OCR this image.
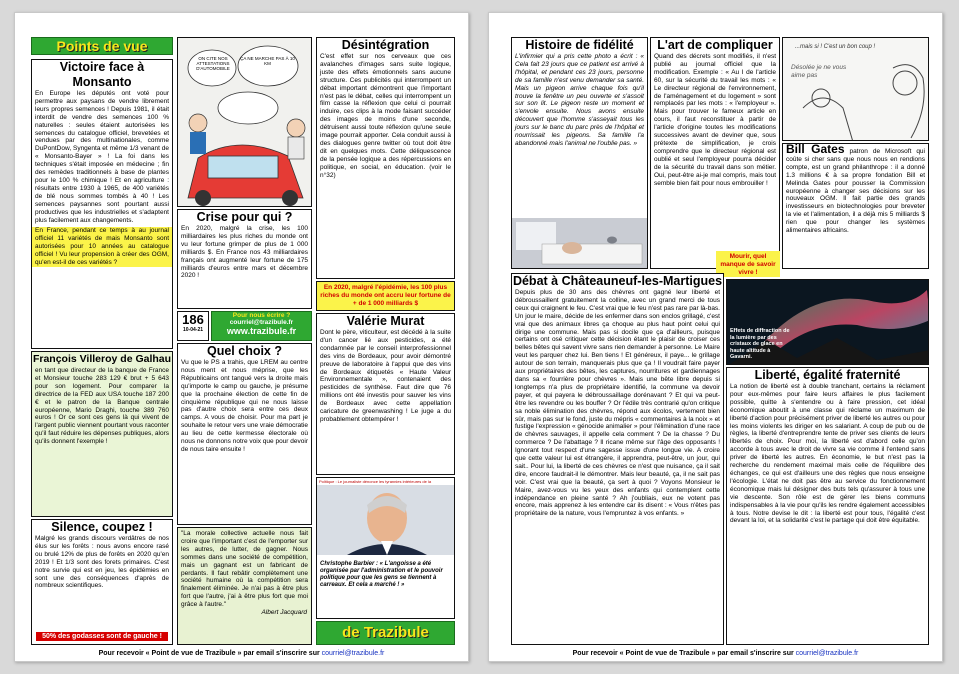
Points de vue
Victoire face à Monsanto
En Europe les députés ont voté pour permettre aux paysans de vendre librement leurs propres semences ! Depuis 1981, il était interdit de vendre des semences 100 % naturelles : seules étaient autorisées les semences du catalogue officiel, brevetées et vendues par des multinationales, comme DuPontDow, Syngenta et même 1/3 venant de « Monsanto-Bayer » ! La foi dans les techniques s'était imposée en médecine ; fin des remèdes traditionnels à base de plantes pour le 100 % chimique ! Et en agriculture : résultats entre 1930 à 1965, de 400 variétés de blé nous sommes tombés à 40 ! Les semences paysannes sont pourtant aussi productives que les industrielles et s'adaptent plus facilement aux changements.
En France, pendant ce temps à au journal officiel 11 variétés de mais Monsanto sont autorisées pour 10 années au catalogue officiel ! Vu leur propension à créer des OGM, qu'en est-il de ces variétés ?
François Villeroy de Galhau
en tant que directeur de la banque de France et Monsieur touche 283 129 € brut + 5 643 pour son logement. Pour comparer la directrice de la FED aux USA touche 187 200 € et le patron de la Banque centrale européenne, Mario Draghi, touche 389 760 euros ! Or ce sont ces gens là qui vivent de l'argent public viennent pourtant vous raconter qu'il faut réduire les dépenses publiques, alors qu'ils donnent l'exemple !
Silence, coupez !
Malgré les grands discours verdâtres de nos élus sur les forêts : nous avons encore rasé ou brulé 12% de plus de forêts en 2020 qu'en 2019 ! Et 1/3 sont des forets primaires. C'est notre survie qui est en jeu, les épidémies en sont une des conséquences d'après de nombreux scientifiques.
50% des godasses sont de gauche !
ON CITE NOS ATTESTATIONS D'AUTOMOBILE
ÇA NE MARCHE PAS À 10 KM
Crise pour qui ?
En 2020, malgré la crise, les 100 milliardaires les plus riches du monde ont vu leur fortune grimper de plus de 1 000 milliards $. En France nos 43 milliardaires français ont augmenté leur fortune de 175 milliards d'euros entre mars et décembre 2020 !
186
10-04-21
Pour nous écrire ?
courriel@trazibule.fr
www.trazibule.fr
Quel choix ?
Vu que le PS a trahis, que LREM au centre nous ment et nous méprise, que les Républicains ont tangué vers la droite mais qu'importe le camp ou gauche, je présume que la prochaine élection de cette fin de cinquième république qui ne nous laisse pas d'autre choix sera entre ces deux camps. A vous de choisir. Pour ma part je souhaite le retour vers une vraie démocratie au lieu de cette kermesse électorale où nous ne donnons notre voix que pour devoir de nous taire ensuite !
"La morale collective actuelle nous fait croire que l'important c'est de l'emporter sur les autres, de lutter, de gagner. Nous sommes dans une société de compétition, mais un gagnant est un fabricant de perdants. Il faut rebâtir complètement une société humaine où la compétition sera finalement éliminée. Je n'ai pas à être plus fort que l'autre, j'ai à être plus fort que moi grâce à l'autre."
Albert Jacquard
Désintégration
C'est effet sur nos cerveaux que ces avalanches d'images sans suite logique, juste des effets émotionnels sans aucune structure. Ces publicités qui interrompent un débat important démontrent que l'important n'est pas le débat, celles qui interrompent un film casse la réflexion que celui ci pourrait induire, ces clips à la mode faisant succéder des images de moins d'une seconde, détruisent aussi toute réflexion qu'une seule image pourrait apporter. Cela conduit aussi à des dialogues genre twitter où tout doit être dit en quelques mots. Cette déliquescence de la pensée logique a des répercussions en politique, en social, en éducation. (voir le n°32)
En 2020, malgré l'épidémie, les 100 plus riches du monde ont accru leur fortune de + de 1 000 milliards $
Valérie Murat
Dont le père, viticulteur, est décédé à la suite d'un cancer lié aux pesticides, a été condamnée par le conseil interprofessionnel des vins de Bordeaux, pour avoir démontré preuve de laboratoire à l'appui que des vins de Bordeaux étiquetés « Haute Valeur Environnementale », contenaient des pesticides de synthèse. Faut dire que 76 millions ont été investis pour sauver les vins de Bordeaux avec cette appellation caricature de greenwashing ! Le juge a du probablement obtempérer !
Politique : Le journaliste dénonce les tyrannies intérieures de la
Christophe Barbier : « L'angoisse a été organisée par l'administration et le pouvoir politique pour que les gens se tiennent à carreaux. Et cela a marché ! »
de Trazibule
Pour recevoir « Point de vue de Trazibule » par email s'inscrire sur courriel@trazibule.fr
Histoire de fidélité
L'infirmier qui a pris cette photo a écrit : « Cela fait 23 jours que ce patient est arrivé à l'hôpital, et pendant ces 23 jours, personne de sa famille n'est venu demander sa santé. Mais un pigeon arrive chaque fois qu'il trouve la fenêtre un peu ouverte et s'assoit sur son lit. Le pigeon reste un moment et s'envole ensuite. Nous avons ensuite découvert que l'homme s'asseyait tous les jours sur le banc du parc près de l'hôpital et nourrissait les pigeons. Sa famille l'a abandonné mais l'animal ne l'oublie pas. »
L'art de compliquer
Quand des décrets sont modifiés, il n'est publié au journal officiel que la modification. Exemple : « Au I de l'article 60, sur la sécurité du travail les mots : « Le directeur régional de l'environnement, de l'aménagement et du logement » sont remplacés par les mots : « l'employeur ». Mais pour trouver le fameux article en cours, il faut reconstituer à partir de l'article d'origine toutes les modifications successives avant de deviner que, sous prétexte de simplification, je crois comprendre que le directeur régional est oublié et seul l'employeur pourra décider de la sécurité du travail dans son métier. Oui, peut-être ai-je mal compris, mais tout semble bien fait pour nous embrouiller !
...mais si ! C'est un bon coup !
Désolée je ne vous aime pas
Bill Gates patron de Microsoft qui coûte si cher sans que nous nous en rendions compte, est un grand philanthrope : il a donné 1.3 millions € à sa propre fondation Bill et Melinda Gates pour pousser la Commission européenne à changer ses décisions sur les nouveaux OGM. Il fait partie des grands investisseurs en biotechnologies pour breveter la vie et l'alimentation, il a déjà mis 5 milliards $ rien que pour changer les systèmes alimentaires africains.
Mourir, quel manque de savoir vivre !
Débat à Châteauneuf-les-Martigues
Depuis plus de 30 ans des chèvres ont gagné leur liberté et débroussaillent gratuitement la colline, avec un grand merci de tous ceux qui craignent le feu. C'est vrai que le feu n'est pas rare par là-bas. Un jour le maire, décide de les enfermer dans son enclos grillagé, c'est vrai que des animaux libres ça choque au plus haut point celui qui dirige une commune. Mais pas si docile que ça d'ailleurs, puisque certains ont osé critiquer cette décision étant le plaisir de croiser ces belles bêtes qui savent vivre sans rien demander à personne. Le Maire veut les parquer chez lui. Ben tiens ! Et généreux, il paye... le grillage autour de son terrain, manquerais plus que ça ! Il voudrait faire payer aux propriétaires des bêtes, les captures, nourritures et gardiennages dans sa « fourrière pour chèvres ». Mais une bête libre depuis si longtemps n'a plus de propriétaire identifié, la commune va devoir payer, et qui payera le débroussaillage dorénavant ? Et qui va peut-être les revendre ou les bouffer ? Or l'édile très contrarié qu'on critique sa noble élimination des chèvres, répond aux écolos, vertement bien sûr, mais pas sur le fond, juste du mépris « commentaires à la noix » et fustige l'expression « génocide animalier » pour l'élimination d'une race de chèvres sauvages, il appelle cela comment ? De la chasse ? Du commerce ? De l'abattage ? Il ricane même sur l'âge des opposants ! Ignorant tout respect d'une sagesse issue d'une longue vie. A croire que cette valeur lui est étrangère, il apprendra, peut-être, un jour, qui sait.. Pour lui, la liberté de ces chèvres ce n'est que nuisance, ça il sait dire, encore faudrait-il le démontrer. Mais leur beauté, ça, il ne sait pas voir. C'est vrai que la beauté, ça sert à quoi ? Voyons Monsieur le Maire, avez-vous vu les yeux des enfants qui contemplent cette indépendance en pleine santé ? Ah j'oubliais, eux ne votent pas encore, mais apprenez à les entendre car ils disent : « Vous n'êtes pas propriétaire de la nature, vous l'empruntez à vos enfants. »
Effets de diffraction de la lumière par des cristaux de glace en haute altitude à Gavarni.
Liberté, égalité fraternité
La notion de liberté est à double tranchant, certains la réclament pour eux-mêmes pour faire leurs affaires le plus facilement possible, quitte à s'entendre ou à faire pression, cet idéal économique aboutit à une classe qui réclame un maximum de liberté d'action pour précisément priver de liberté les autres ou pour les moins violents les diriger en les salariant. A coup de pub ou de règles, la liberté d'entreprendre tente de priver ses clients de leurs libertés de choix. Pour moi, la liberté est d'abord celle qu'on accorde à tous avec le droit de vivre sa vie comme il l'entend sans priver de liberté les autres. En économie, le but n'est pas la recherche du rendement maximal mais celle de l'équilibre des échanges, ce qui est d'ailleurs une des règles que nous enseigne l'écologie. L'état ne doit pas être au service du fonctionnement économique mais lui désigner des buts tels qu'assurer à tous une vie descente. Son rôle est de gérer les biens communs indispensables à la vie pour qu'ils les rendre également accessibles à tous. Notre devise le dit : la liberté est pour tous, l'égalité c'est devant la loi, et la solidarité c'est le partage qui doit être équitable.
Pour recevoir « Point de vue de Trazibule » par email s'inscrire sur courriel@trazibule.fr
